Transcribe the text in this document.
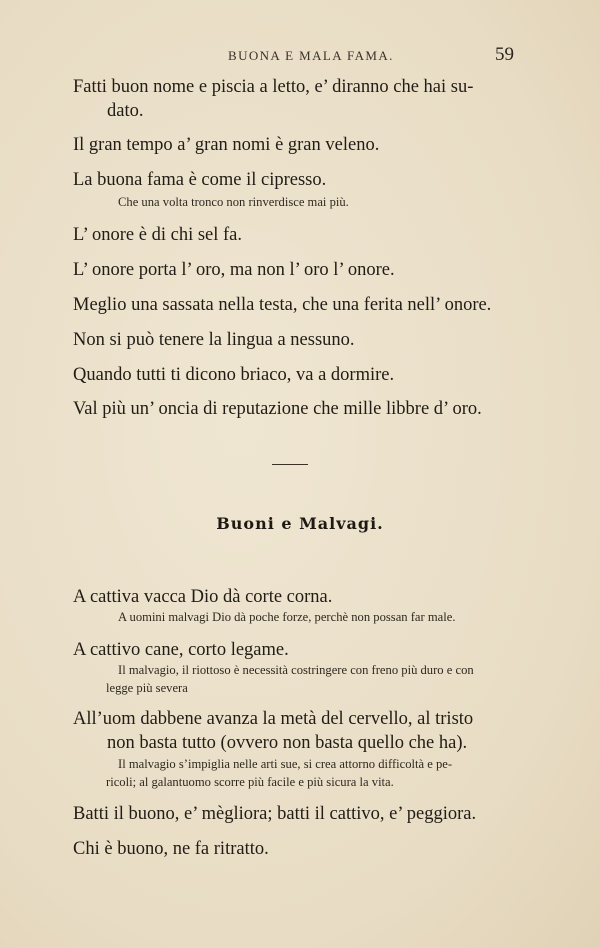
BUONA E MALA FAMA.	59
Fatti buon nome e piscia a letto, e’ diranno che hai su-
dato.
Il gran tempo a’ gran nomi è gran veleno.
La buona fama è come il cipresso.
Che una volta tronco non rinverdisce mai più.
L’ onore è di chi sel fa.
L’ onore porta l’ oro, ma non l’ oro l’ onore.
Meglio una sassata nella testa, che una ferita nell’ onore.
Non si può tenere la lingua a nessuno.
Quando tutti ti dicono briaco, va a dormire.
Val più un’ oncia di reputazione che mille libbre d’ oro.
Buoni e Malvagi.
A cattiva vacca Dio dà corte corna.
A uomini malvagi Dio dà poche forze, perchè non possan far male.
A cattivo cane, corto legame.
Il malvagio, il riottoso è necessità costringere con freno più duro e con
legge più severa
All’uom dabbene avanza la metà del cervello, al tristo
non basta tutto (ovvero non basta quello che ha).
Il malvagio s’impiglia nelle arti sue, si crea attorno difficoltà e pe-
ricoli; al galantuomo scorre più facile e più sicura la vita.
Batti il buono, e’ mègliora; batti il cattivo, e’ peggiora.
Chi è buono, ne fa ritratto.
